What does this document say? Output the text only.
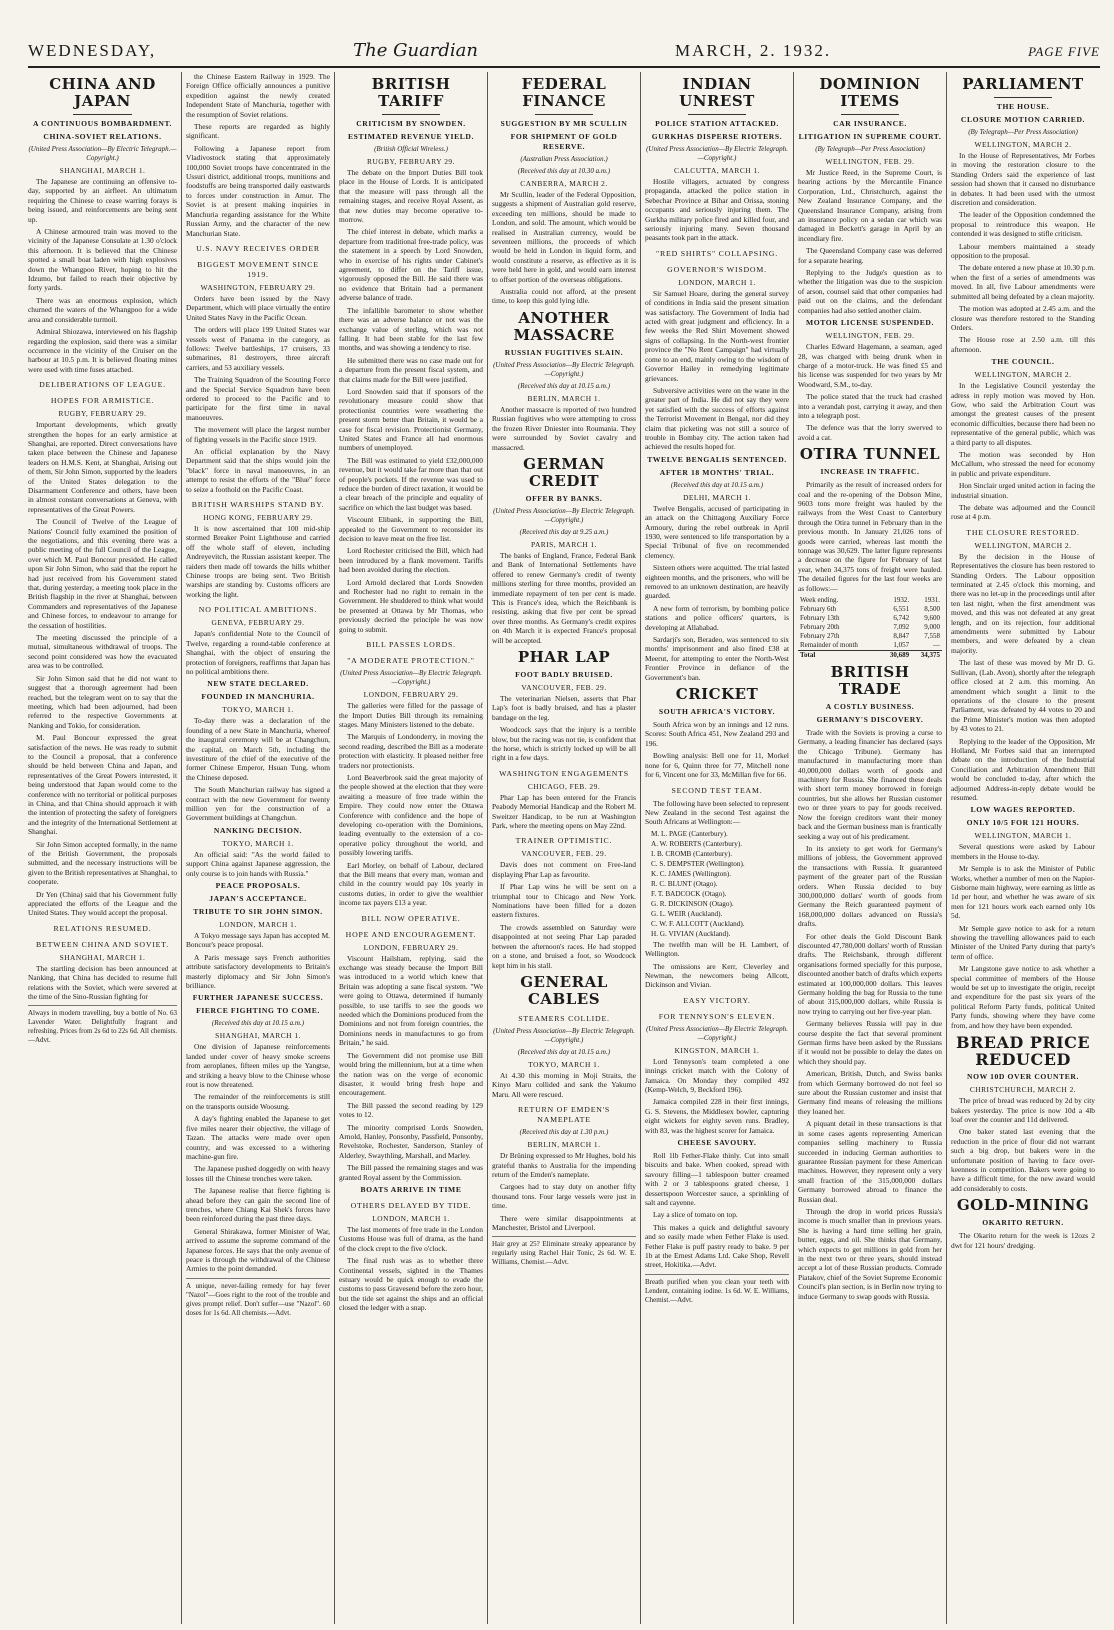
WEDNESDAY,	The Guardian	MARCH, 2. 1932.	PAGE FIVE
CHINA AND JAPAN
A CONTINUOUS BOMBARDMENT.
CHINA-SOVIET RELATIONS.
(United Press Association—By Electric Telegraph.—Copyright.)
SHANGHAI, MARCH 1.

The Japanese are continuing an offensive to-day, supported by an airfleet. An ultimatum requiring the Chinese to cease warring forays is being issued, and reinforcements are being sent up.

A Chinese armoured train was moved to the vicinity of the Japanese Consulate at 1.30 o'clock this afternoon. It is believed that the Chinese spotted a small boat laden with high explosives down the Whangpoo River, hoping to hit the Idzumo, but failed to reach their objective by forty yards.

There was an enormous explosion, which churned the waters of the Whangpoo for a wide area and considerable turmoil.

Admiral Shiozawa, interviewed on his flagship regarding the explosion, said there was a similar occurrence in the vicinity of the Cruiser on the harbour at 10.5 p.m. It is believed floating mines were used with time fuses attached.

DELIBERATIONS OF LEAGUE.
HOPES FOR ARMISTICE.
RUGBY, FEBRUARY 29.

Important developments, which greatly strengthen the hopes for an early armistice at Shanghai, are reported. Direct conversations have taken place between the Chinese and Japanese leaders on H.M.S. Kent, at Shanghai, Arising out of them, Sir John Simon, supported by the leaders of the United States delegation to the Disarmament Conference and others, have been in almost constant conversations at Geneva, with representatives of the Great Powers.

The Council of Twelve of the League of Nations' Council fully examined the position of the negotiations, and this evening there was a public meeting of the full Council of the League, over which M. Paul Boncour presided. He called upon Sir John Simon, who said that the report he had just received from his Government stated that, during yesterday, a meeting took place in the British flagship in the river at Shanghai, between Commanders and representatives of the Japanese and Chinese forces, to endeavour to arrange for the cessation of hostilities.

The meeting discussed the principle of a mutual, simultaneous withdrawal of troops. The second point considered was how the evacuated area was to be controlled.

Sir John Simon said that he did not want to suggest that a thorough agreement had been reached, but the telegram went on to say that the meeting, which had been adjourned, had been referred to the respective Governments at Nanking and Tokio, for consideration.

M. Paul Boncour expressed the great satisfaction of the news. He was ready to submit to the Council a proposal, that a conference should be held between China and Japan, and representatives of the Great Powers interested, it being understood that Japan would come to the conference with no territorial or political purposes in China, and that China should approach it with the intention of protecting the safety of foreigners and the integrity of the International Settlement at Shanghai.

Sir John Simon accepted formally, in the name of the British Government, the proposals submitted, and the necessary instructions will be given to the British representatives at Shanghai, to cooperate.

Dr Yen (China) said that his Government fully appreciated the efforts of the League and the United States. They would accept the proposal.

RELATIONS RESUMED.
BETWEEN CHINA AND SOVIET.
SHANGHAI, MARCH 1.

The startling decision has been announced at Nanking, that China has decided to resume full relations with the Soviet, which were severed at the time of the Sino-Russian fighting for

Always in modern travelling, buy a bottle of No. 63 Lavender Water. Delightfully fragrant and refreshing. Prices from 2s 6d to 22s 6d. All chemists.—Advt.

the Chinese Eastern Railway in 1929. The Foreign Office officially announces a punitive expedition against the newly created Independent State of Manchuria, together with the resumption of Soviet relations.

These reports are regarded as highly significant.

Following a Japanese report from Vladivostock stating that approximately 100,000 Soviet troops have concentrated in the Ussuri district, additional troops, munitions and foodstuffs are being transported daily eastwards to forces under construction in Amur. The Soviet is at present making inquiries in Manchuria regarding assistance for the White Russian Army, and the character of the new Manchurian State.

U.S. NAVY RECEIVES ORDER
BIGGEST MOVEMENT SINCE 1919.
WASHINGTON, FEBRUARY 29.

Orders have been issued by the Navy Department, which will place virtually the entire United States Navy in the Pacific Ocean.

The orders will place 199 United States war vessels west of Panama in the category, as follows: Twelve battleships, 17 cruisers, 33 submarines, 81 destroyers, three aircraft carriers, and 53 auxiliary vessels.

The Training Squadron of the Scouting Force and the Special Service Squadron have been ordered to proceed to the Pacific and to participate for the first time in naval manoeuvres.

The movement will place the largest number of fighting vessels in the Pacific since 1919.

An official explanation by the Navy Department said that the ships would join the "black" force in naval manoeuvres, in an attempt to resist the efforts of the "Blue" force to seize a foothold on the Pacific Coast.

BRITISH WARSHIPS STAND BY.
HONG KONG, FEBRUARY 29.

It is now ascertained that 100 mid-ship stormed Breaker Point Lighthouse and carried off the whole staff of eleven, including Andreyevitch, the Russian assistant keeper. The raiders then made off towards the hills whither Chinese troops are being sent. Two British warships are standing by. Customs officers are working the light.

NO POLITICAL AMBITIONS.
GENEVA, FEBRUARY 29.

Japan's confidential Note to the Council of Twelve, regarding a round-table conference at Shanghai, with the object of ensuring the protection of foreigners, reaffirms that Japan has no political ambitions there.

NEW STATE DECLARED.
FOUNDED IN MANCHURIA.
TOKYO, MARCH 1.

To-day there was a declaration of the founding of a new State in Manchuria, whereof the inaugural ceremony will be at Changchun, the capital, on March 5th, including the investiture of the chief of the executive of the former Chinese Emperor, Hsuan Tung, whom the Chinese deposed.

The South Manchurian railway has signed a contract with the new Government for twenty million yen for the construction of a Government buildings at Changchun.

NANKING DECISION.
TOKYO, MARCH 1.

An official said: "As the world failed to support China against Japanese aggression, the only course is to join hands with Russia."

PEACE PROPOSALS.
JAPAN'S ACCEPTANCE.
TRIBUTE TO SIR JOHN SIMON.
LONDON, MARCH 1.

A Tokyo message says Japan has accepted M. Boncour's peace proposal.

A Paris message says French authorities attribute satisfactory developments to Britain's masterly diplomacy and Sir John Simon's brilliance.

FURTHER JAPANESE SUCCESS.
FIERCE FIGHTING TO COME.
(Received this day at 10.15 a.m.)
SHANGHAI, MARCH 1.

One division of Japanese reinforcements landed under cover of heavy smoke screens from aeroplanes, fifteen miles up the Yangtse, and striking a heavy blow to the Chinese whose rout is now threatened.

The remainder of the reinforcements is still on the transports outside Woosung.

A day's fighting enabled the Japanese to get five miles nearer their objective, the village of Tazan. The attacks were made over open country, and was excessed to a withering machine-gun fire.

The Japanese pushed doggedly on with heavy losses till the Chinese trenches were taken.

The Japanese realise that fierce fighting is ahead before they can gain the second line of trenches, where Chiang Kai Shek's forces have been reinforced during the past three days.

General Shirakawa, former Minister of War, arrived to assume the supreme command of the Japanese forces. He says that the only avenue of peace is through the withdrawal of the Chinese Armies to the point demanded.

A unique, never-failing remedy for hay fever "Nazol"—Goes right to the root of the trouble and gives prompt relief. Don't suffer—use "Nazol". 60 doses for 1s 6d. All chemists.—Advt.
BRITISH TARIFF
CRITICISM BY SNOWDEN.
ESTIMATED REVENUE YIELD.
(British Official Wireless.)
RUGBY, FEBRUARY 29.

The debate on the Import Duties Bill took place in the House of Lords. It is anticipated that the measure will pass through all the remaining stages, and receive Royal Assent, as that new duties may become operative to-morrow.

The chief interest in debate, which marks a departure from traditional free-trade policy, was the statement in a speech by Lord Snowden, who in exercise of his rights under Cabinet's agreement, to differ on the Tariff issue, vigorously opposed the Bill. He said there was no evidence that Britain had a permanent adverse balance of trade.

The infallible barometer to show whether there was an adverse balance or not was the exchange value of sterling, which was not falling. It had been stable for the last few months, and was showing a tendency to rise.

He submitted there was no case made out for a departure from the present fiscal system, and that claims made for the Bill were justified.

Lord Snowden said that if sponsors of the revolutionary measure could show that protectionist countries were weathering the present storm better than Britain, it would be a case for fiscal revision. Protectionist Germany, United States and France all had enormous numbers of unemployed.

The Bill was estimated to yield £32,000,000 revenue, but it would take far more than that out of people's pockets. If the revenue was used to reduce the burden of direct taxation, it would be a clear breach of the principle and equality of sacrifice on which the last budget was based.

Viscount Elibank, in supporting the Bill, appealed to the Government to reconsider its decision to leave meat on the free list.

Lord Rochester criticised the Bill, which had been introduced by a flank movement. Tariffs had been avoided during the election.

Lord Arnold declared that Lords Snowden and Rochester had no right to remain in the Government. He shuddered to think what would be presented at Ottawa by Mr Thomas, who previously decried the principle he was now going to submit.

BILL PASSES LORDS.
"A MODERATE PROTECTION."
(United Press Association—By Electric Telegraph.—Copyright.)
LONDON, FEBRUARY 29.

The galleries were filled for the passage of the Import Duties Bill through its remaining stages. Many Ministers listened to the debate.

The Marquis of Londonderry, in moving the second reading, described the Bill as a moderate protection with elasticity. It pleased neither free traders nor protectionists.

Lord Beaverbrook said the great majority of the people showed at the election that they were awaiting a measure of free trade within the Empire. They could now enter the Ottawa Conference with confidence and the hope of developing co-operation with the Dominions, leading eventually to the extension of a co-operative policy throughout the world, and possibly lowering tariffs.

Earl Morley, on behalf of Labour, declared that the Bill means that every man, woman and child in the country would pay 10s yearly in customs duties, in order to give the wealthier income tax payers £13 a year.

BILL NOW OPERATIVE.
HOPE AND ENCOURAGEMENT.
LONDON, FEBRUARY 29.

Viscount Hailsham, replying, said the exchange was steady because the Import Bill was introduced to a world which knew that Britain was adopting a sane fiscal system. "We were going to Ottawa, determined if humanly possible, to use tariffs to see the goods we needed which the Dominions produced from the Dominions and not from foreign countries, the Dominions needs in manufactures to go from Britain," he said.

The Government did not promise use Bill would bring the millennium, but at a time when the nation was on the verge of economic disaster, it would bring fresh hope and encouragement.

The Bill passed the second reading by 129 votes to 12.

The minority comprised Lords Snowden, Arnold, Hanley, Ponsonby, Passfield, Ponsonby, Revelstoke, Rochester, Sanderson, Stanley of Alderley, Swaythling, Marshall, and Marley.

The Bill passed the remaining stages and was granted Royal assent by the Commission.

BOATS ARRIVE IN TIME
OTHERS DELAYED BY TIDE.
LONDON, MARCH 1.

The last moments of free trade in the London Customs House was full of drama, as the hand of the clock crept to the five o'clock.

The final rush was as to whether three Continental vessels, sighted in the Thames estuary would be quick enough to evade the customs to pass Gravesend before the zero hour, but the tide set against the ships and an official closed the ledger with a snap.

FEDERAL FINANCE
SUGGESTION BY MR SCULLIN
FOR SHIPMENT OF GOLD RESERVE.
(Australian Press Association.)
(Received this day at 10.30 a.m.)
CANBERRA, MARCH 2.

Mr Scullin, leader of the Federal Opposition, suggests a shipment of Australian gold reserve, exceeding ten millions, should be made to London, and sold. The amount, which would be realised in Australian currency, would be seventeen millions, the proceeds of which would be held in London in liquid form, and would constitute a reserve, as effective as it is were held here in gold, and would earn interest to offset portion of the overseas obligations.

Australia could not afford, at the present time, to keep this gold lying idle.

ANOTHER MASSACRE
RUSSIAN FUGITIVES SLAIN.
(United Press Association—By Electric Telegraph.—Copyright.)
(Received this day at 10.15 a.m.)
BERLIN, MARCH 1.

Another massacre is reported of two hundred Russian fugitives who were attempting to cross the frozen River Dniester into Roumania. They were surrounded by Soviet cavalry and massacred.

GERMAN CREDIT
OFFER BY BANKS.
(United Press Association—By Electric Telegraph.—Copyright.)
(Received this day at 9.25 a.m.)
PARIS, MARCH 1.

The banks of England, France, Federal Bank and Bank of International Settlements have offered to renew Germany's credit of twenty millions sterling for three months, provided an immediate repayment of ten per cent is made. This is France's idea, which the Reichbank is resisting, asking that five per cent be spread over three months. As Germany's credit expires on 4th March it is expected France's proposal will be accepted.

PHAR LAP
FOOT BADLY BRUISED.
VANCOUVER, FEB. 29.

The veterinarian Nielsen, asserts that Phar Lap's foot is badly bruised, and has a plaster bandage on the leg.

Woodcock says that the injury is a terrible blow, but the racing was not tie, is confident that the horse, which is strictly locked up will be all right in a few days.

WASHINGTON ENGAGEMENTS
CHICAGO, FEB. 29.

Phar Lap has been entered for the Francis Peabody Memorial Handicap and the Robert M. Sweitzer Handicap, to be run at Washington Park, where the meeting opens on May 22nd.

TRAINER OPTIMISTIC.
VANCOUVER, FEB. 29.

Davis does not comment on Free-land displaying Phar Lap as favourite.

If Phar Lap wins he will be sent on a triumphal tour to Chicago and New York. Nominations have been filled for a dozen eastern fixtures.

The crowds assembled on Saturday were disappointed at not seeing Phar Lap paraded between the afternoon's races. He had stopped on a stone, and bruised a foot, so Woodcock kept him in his stall.

GENERAL CABLES
STEAMERS COLLIDE.
(United Press Association—By Electric Telegraph.—Copyright.)
(Received this day at 10.15 a.m.)
TOKYO, MARCH 1.

At 4.30 this morning in Moji Straits, the Kinyo Maru collided and sank the Yakumo Maru. All were rescued.

RETURN OF EMDEN'S NAMEPLATE
(Received this day at 1.30 p.m.)
BERLIN, MARCH 1.

Dr Brüning expressed to Mr Hughes, bold his grateful thanks to Australia for the impending return of the Emden's nameplate.

Cargoes had to stay duty on another fifty thousand tons. Four large vessels were just in time.

There were similar disappointments at Manchester, Bristol and Liverpool.

Hair grey at 25? Eliminate streaky appearance by regularly using Rachel Hair Tonic, 2s 6d. W. E. Williams, Chemist.—Advt.
INDIAN UNREST
POLICE STATION ATTACKED.
GURKHAS DISPERSE RIOTERS.
(United Press Association—By Electric Telegraph.—Copyright.)
CALCUTTA, MARCH 1.

Hostile villagers, actuated by congress propaganda, attacked the police station in Sebechar Province at Bihar and Orissa, stoning occupants and seriously injuring them. The Gurkha military police fired and killed four, and seriously injuring many. Seven thousand peasants took part in the attack.

"RED SHIRTS" COLLAPSING.
GOVERNOR'S WISDOM.
LONDON, MARCH 1.

Sir Samuel Hoare, during the general survey of conditions in India said the present situation was satisfactory. The Government of India had acted with great judgment and efficiency. In a few weeks the Red Shirt Movement showed signs of collapsing. In the North-west frontier province the "No Rent Campaign" had virtually come to an end, mainly owing to the wisdom of Governor Hailey in remedying legitimate grievances.

Subversive activities were on the wane in the greater part of India. He did not say they were yet satisfied with the success of efforts against the Terrorist Movement in Bengal, nor did they claim that picketing was not still a source of trouble in Bombay city. The action taken had achieved the results hoped for.

TWELVE BENGALIS SENTENCED.
AFTER 18 MONTHS' TRIAL.
(Received this day at 10.15 a.m.)
DELHI, MARCH 1.

Twelve Bengalis, accused of participating in an attack on the Chittagong Auxiliary Force Armoury, during the rebel outbreak in April 1930, were sentenced to life transportation by a Special Tribunal of five on recommended clemency.

Sixteen others were acquitted. The trial lasted eighteen months, and the prisoners, who will be removed to an unknown destination, are heavily guarded.

A new form of terrorism, by bombing police stations and police officers' quarters, is developing at Allahabad.

Sardarji's son, Beradeo, was sentenced to six months' imprisonment and also fined £38 at Meerut, for attempting to enter the North-West Frontier Province in defiance of the Government's ban.

CRICKET
SOUTH AFRICA'S VICTORY.

South Africa won by an innings and 12 runs. Scores: South Africa 451, New Zealand 293 and 196.

Bowling analysis: Bell one for 11, Morkel none for 6, Quinn three for 77, Mitchell none for 6, Vincent one for 33, McMillan five for 66.

SECOND TEST TEAM.

The following have been selected to represent New Zealand in the second Test against the South Africans at Wellington:—

M. L. PAGE (Canterbury).
A. W. ROBERTS (Canterbury).
I. B. CROMB (Canterbury).
C. S. DEMPSTER (Wellington).
K. C. JAMES (Wellington).
R. C. BLUNT (Otago).
F. T. BADCOCK (Otago).
G. R. DICKINSON (Otago).
G. L. WEIR (Auckland).
C. W. F. ALLCOTT (Auckland).
H. G. VIVIAN (Auckland).

The twelfth man will be H. Lambert, of Wellington.

The omissions are Kerr, Cleverley and Newman, the newcomers being Allcott, Dickinson and Vivian.

EASY VICTORY.
FOR TENNYSON'S ELEVEN.
(United Press Association—By Electric Telegraph.—Copyright.)
KINGSTON, MARCH 1.

Lord Tennyson's team completed a one innings cricket match with the Colony of Jamaica. On Monday they compiled 492 (Kemp-Welch, 9, Beckford 196).

Jamaica compiled 228 in their first innings, G. S. Stevens, the Middlesex bowler, capturing eight wickets for eighty seven runs. Bradley, with 83, was the highest scorer for Jamaica.

CHEESE SAVOURY.

Roll 1lb Fether-Flake thinly. Cut into small biscuits and bake. When cooked, spread with savoury filling—1 tablespoon butter creamed with 2 or 3 tablespoons grated cheese, 1 dessertspoon Worcester sauce, a sprinkling of salt and cayenne.

Lay a slice of tomato on top.

This makes a quick and delightful savoury and so easily made when Fether Flake is used. Fether Flake is puff pastry ready to bake. 9 per 1b at the Ernest Adams Ltd. Cake Shop, Revell street, Hokitika.—Advt.

Breath purified when you clean your teeth with Lendent, containing iodine. 1s 6d. W. E. Williams, Chemist.—Advt.
DOMINION ITEMS
CAR INSURANCE.
LITIGATION IN SUPREME COURT.
(By Telegraph—Per Press Association)
WELLINGTON, FEB. 29.

Mr Justice Reed, in the Supreme Court, is hearing actions by the Mercantile Finance Corporation, Ltd., Christchurch, against the New Zealand Insurance Company, and the Queensland Insurance Company, arising from an insurance policy on a sedan car which was damaged in Beckett's garage in April by an incendiary fire.

The Queensland Company case was deferred for a separate hearing.

Replying to the Judge's question as to whether the litigation was due to the suspicion of arson, counsel said that other companies had paid out on the claims, and the defendant companies had also settled another claim.

MOTOR LICENSE SUSPENDED.
WELLINGTON, FEB. 29.

Charles Edward Hagemann, a seaman, aged 28, was charged with being drunk when in charge of a motor-truck. He was fined £5 and his license was suspended for two years by Mr Woodward, S.M., to-day.

The police stated that the truck had crashed into a verandah post, carrying it away, and then into a telegraph post.

The defence was that the lorry swerved to avoid a cat.

OTIRA TUNNEL
INCREASE IN TRAFFIC.

Primarily as the result of increased orders for coal and the re-opening of the Dobson Mine, 9603 tons more freight was hauled by the railways from the West Coast to Canterbury through the Otira tunnel in February than in the previous month. In January 21,026 tons of goods were carried, whereas last month the tonnage was 30,629. The latter figure represents a decrease on the figure for February of last year, when 34,375 tons of freight were hauled. The detailed figures for the last four weeks are as follows:—

Week ending.	1932.	1931.
February 6th	6,551	8,500
February 13th	6,742	9,600
February 20th	7,092	9,000
February 27th	8,847	7,558
Remainder of month	1,057	—
Total	30,689	34,375
BRITISH TRADE
A COSTLY BUSINESS.
GERMANY'S DISCOVERY.

Trade with the Soviets is proving a curse to Germany, a leading financier has declared (says the Chicago Tribune). Germany has manufactured in manufacturing more than 40,000,000 dollars worth of goods and machinery for Russia. She financed these deals with short term money borrowed in foreign countries, but she allows her Russian customer two or three years to pay for goods received. Now the foreign creditors want their money back and the German business man is frantically seeking a way out of his predicament.

In its anxiety to get work for Germany's millions of jobless, the Government approved the transactions with Russia. It guaranteed payment of the greater part of the Russian orders. When Russia decided to buy 300,000,000 dollars' worth of goods from Germany the Reich guaranteed payment of 168,000,000 dollars advanced on Russia's drafts.

For other deals the Gold Discount Bank discounted 47,780,000 dollars' worth of Russian drafts. The Reichsbank, through different organisations formed specially for this purpose, discounted another batch of drafts which experts estimated at 100,000,000 dollars. This leaves Germany holding the bag for Russia to the tune of about 315,000,000 dollars, while Russia is now trying to carrying out her five-year plan.

Germany believes Russia will pay in due course despite the fact that several prominent German firms have been asked by the Russians if it would not be possible to delay the dates on which they should pay.

American, British, Dutch, and Swiss banks from which Germany borrowed do not feel so sure about the Russian customer and insist that Germany find means of releasing the millions they loaned her.

A piquant detail in these transactions is that in some cases agents representing American companies selling machinery to Russia succeeded in inducing German authorities to guarantee Russian payment for these American machines. However, they represent only a very small fraction of the 315,000,000 dollars Germany borrowed abroad to finance the Russian deal.

Through the drop in world prices Russia's income is much smaller than in previous years. She is having a hard time selling her grain, butter, eggs, and oil. She thinks that Germany, which expects to get millions in gold from her in the next two or three years, should instead accept a lot of these Russian products. Comrade Piatakov, chief of the Soviet Supreme Economic Council's plan section, is in Berlin now trying to induce Germany to swap goods with Russia.

PARLIAMENT
THE HOUSE.
CLOSURE MOTION CARRIED.
(By Telegraph—Per Press Association)
WELLINGTON, MARCH 2.

In the House of Representatives, Mr Forbes in moving the restoration closure to the Standing Orders said the experience of last session had shown that it caused no disturbance in debates. It had been used with the utmost discretion and consideration.

The leader of the Opposition condemned the proposal to reintroduce this weapon. He contended it was designed to stifle criticism.

Labour members maintained a steady opposition to the proposal.

The debate entered a new phase at 10.30 p.m. when the first of a series of amendments was moved. In all, five Labour amendments were submitted all being defeated by a clean majority.

The motion was adopted at 2.45 a.m. and the closure was therefore restored to the Standing Orders.

The House rose at 2.50 a.m. till this afternoon.

THE COUNCIL.
WELLINGTON, MARCH 2.

In the Legislative Council yesterday the adress in reply motion was moved by Hon. Gow, who said the Arbitration Court was amongst the greatest causes of the present economic difficulties, because there had been no representative of the general public, which was a third party to all disputes.

The motion was seconded by Hon McCallum, who stressed the need for economy in public and private expenditure.

Hon Sinclair urged united action in facing the industrial situation.

The debate was adjourned and the Council rose at 4 p.m.

THE CLOSURE RESTORED.
WELLINGTON, MARCH 2.

By the decision in the House of Representatives the closure has been restored to Standing Orders. The Labour opposition terminated at 2.45 o'clock this morning, and there was no let-up in the proceedings until after ten last night, when the first amendment was moved, and this was not defeated at any great length, and on its rejection, four additional amendments were submitted by Labour members, and were defeated by a clean majority.

The last of these was moved by Mr D. G. Sullivan, (Lab. Avon), shortly after the telegraph office closed at 2 a.m. this morning. An amendment which sought a limit to the operations of the closure to the present Parliament, was defeated by 44 votes to 20 and the Prime Minister's motion was then adopted by 43 votes to 21.

Replying to the leader of the Opposition, Mr Holland, Mr Forbes said that an interrupted debate on the introduction of the Industrial Conciliation and Arbitration Amendment Bill would be concluded to-day, after which the adjourned Address-in-reply debate would be resumed.

LOW WAGES REPORTED.
ONLY 10/5 FOR 121 HOURS.
WELLINGTON, MARCH 1.

Several questions were asked by Labour members in the House to-day.

Mr Semple is to ask the Minister of Public Works, whether a number of men on the Napier-Gisborne main highway, were earning as little as 1d per hour, and whether he was aware of six men for 121 hours work each earned only 10s 5d.

Mr Semple gave notice to ask for a return showing the travelling allowances paid to each Minister of the United Party during that party's term of office.

Mr Langstone gave notice to ask whether a special committee of members of the House would be set up to investigate the origin, receipt and expenditure for the past six years of the political Reform Party funds, political United Party funds, showing where they have come from, and how they have been expended.

BREAD PRICE REDUCED
NOW 10D OVER COUNTER.
CHRISTCHURCH, MARCH 2.

The price of bread was reduced by 2d by city bakers yesterday. The price is now 10d a 4lb loaf over the counter and 11d delivered.

One baker stated last evening that the reduction in the price of flour did not warrant such a big drop, but bakers were in the unfortunate position of having to face over-keenness in competition. Bakers were going to have a difficult time, for the new award would add considerably to costs.

GOLD-MINING
OKARITO RETURN.

The Okarito return for the week is 12ozs 2 dwt for 121 hours' dredging.
